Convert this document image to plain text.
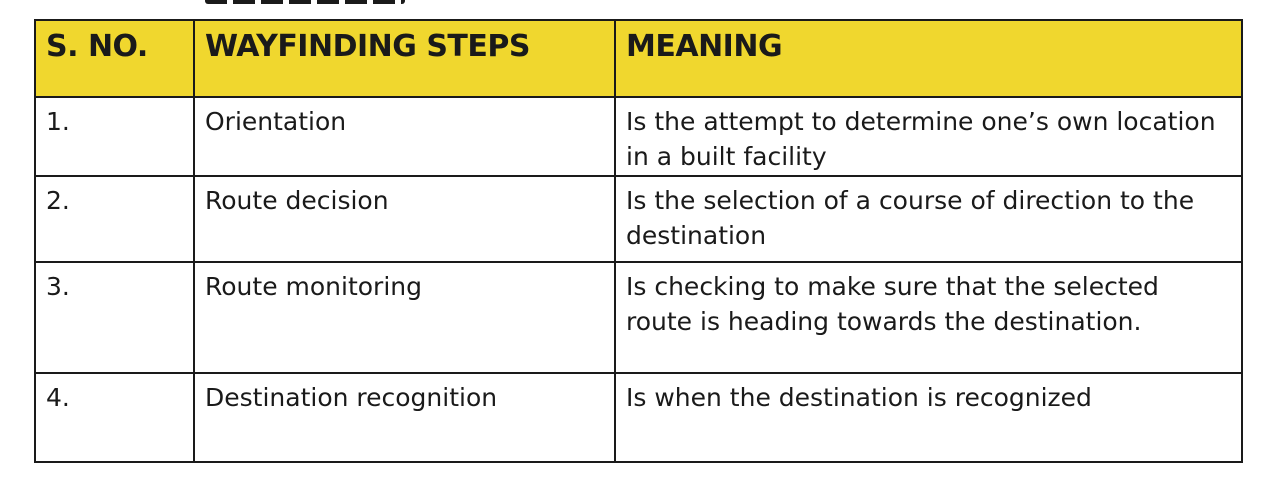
S. NO.	WAYFINDING STEPS	MEANING
1.	Orientation	Is the attempt to determine one’s own location in a built facility
2.	Route decision	Is the selection of a course of direction to the destination
3.	Route monitoring	Is checking to make sure that the selected route is heading towards the destination.
4.	Destination recognition	Is when the destination is recognized
